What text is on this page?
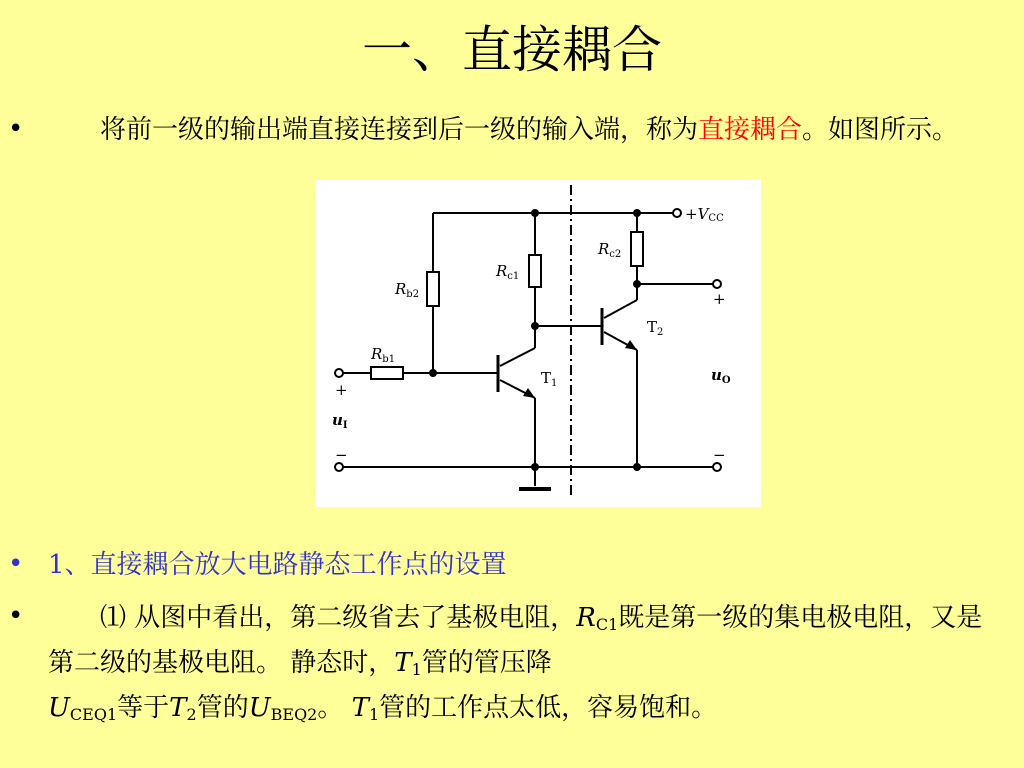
一、直接耦合
•	将前一级的输出端直接连接到后一级的输入端，称为直接耦合。如图所示。
+VCC
$R_{b2}$
$R_{c1}$
$R_{c2}$
$R_{b1}$
$T_1$
$T_2$
+
−
$u_I$
+
−
$u_O$
• 1、直接耦合放大电路静态工作点的设置
•	⑴ 从图中看出，第二级省去了基极电阻，$R_{C1}$既是第一级的集电极电阻，又是第二级的基极电阻。 静态时，$T_1$管的管压降
$U_{CEQ1}$等于$T_2$管的$U_{BEQ2}$。 $T_1$管的工作点太低，容易饱和。
